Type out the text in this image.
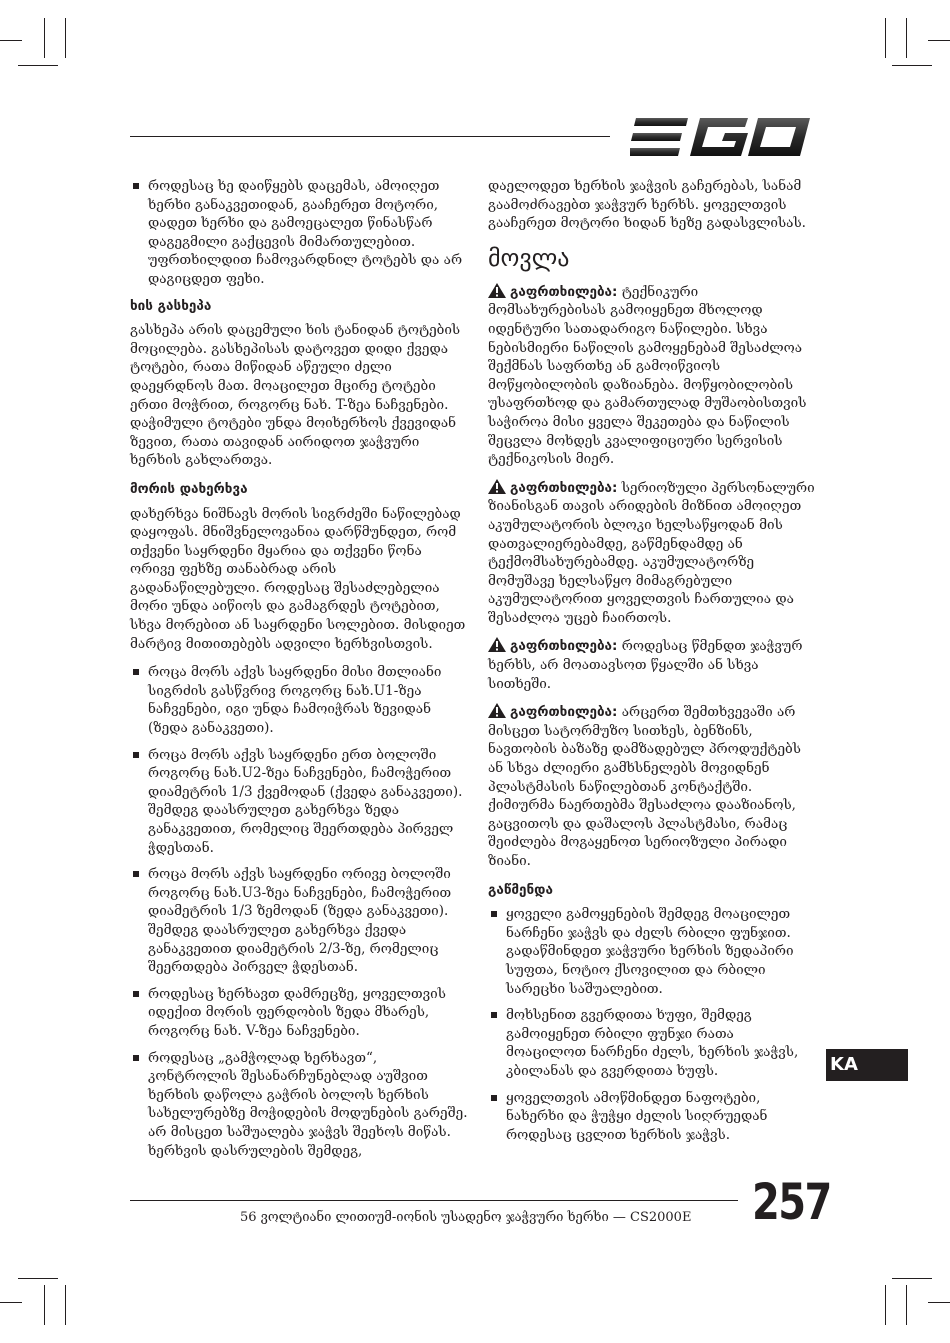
როდესაც ხე დაიწყებს დაცემას, ამოიღეთ ხერხი განაკვეთიდან, გააჩერეთ მოტორი, დადეთ ხერხი და გამოეცალეთ წინასწარ დაგეგმილი გაქცევის მიმართულებით. უფრთხილდით ჩამოვარდნილ ტოტებს და არ დაგიცდეთ ფეხი.
ხის გასხეპა

გასხეპა არის დაცემული ხის ტანიდან ტოტების მოცილება. გასხეპისას დატოვეთ დიდი ქვედა ტოტები, რათა მიწიდან აწეული ძელი დაეყრდნოს მათ. მოაცილეთ მცირე ტოტები ერთი მოჭრით, როგორც ნახ. T-ზეა ნაჩვენები. დაჭიმული ტოტები უნდა მოიხერხოს ქვევიდან ზევით, რათა თავიდან აირიდოთ ჯაჭვური ხერხის გახლართვა.

მორის დახერხვა

დახერხვა ნიშნავს მორის სიგრძეში ნაწილებად დაყოფას. მნიშვნელოვანია დარწმუნდეთ, რომ თქვენი საყრდენი მყარია და თქვენი წონა ორივე ფეხზე თანაბრად არის გადანაწილებული. როდესაც შესაძლებელია მორი უნდა აიწიოს და გამაგრდეს ტოტებით, სხვა მორებით ან საყრდენი სოლებით. მისდიეთ მარტივ მითითებებს ადვილი ხერხვისთვის.

როცა მორს აქვს საყრდენი მისი მთლიანი სიგრძის გასწვრივ როგორც ნახ.U1-ზეა ნაჩვენები, იგი უნდა ჩამოიჭრას ზევიდან (ზედა განაკვეთი).
როცა მორს აქვს საყრდენი ერთ ბოლოში როგორც ნახ.U2-ზეა ნაჩვენები, ჩამოჭერით დიამეტრის 1/3 ქვემოდან (ქვედა განაკვეთი). შემდეგ დაასრულეთ გახერხვა ზედა განაკვეთით, რომელიც შეერთდება პირველ ჭდესთან.
როცა მორს აქვს საყრდენი ორივე ბოლოში როგორც ნახ.U3-ზეა ნაჩვენები, ჩამოჭერით დიამეტრის 1/3 ზემოდან (ზედა განაკვეთი). შემდეგ დაასრულეთ გახერხვა ქვედა განაკვეთით დიამეტრის 2/3-ზე, რომელიც შეერთდება პირველ ჭდესთან.
როდესაც ხერხავთ დამრეცზე, ყოველთვის იდექით მორის ფერდობის ზედა მხარეს, როგორც ნახ. V-ზეა ნაჩვენები.
როდესაც „გამჭოლად ხერხავთ“, კონტროლის შესანარჩუნებლად აუშვით ხერხის დაწოლა გაჭრის ბოლოს ხერხის სახელურებზე მოჭიდების მოდუნების გარეშე. არ მისცეთ საშუალება ჯაჭვს შეეხოს მიწას. ხერხვის დასრულების შემდეგ,

დაელოდეთ ხერხის ჯაჭვის გაჩერებას, სანამ გაამოძრავებთ ჯაჭვურ ხერხს. ყოველთვის გააჩერეთ მოტორი ხიდან ხეზე გადასვლისას.

მოვლა

გაფრთხილება: ტექნიკური მომსახურებისას გამოიყენეთ მხოლოდ იდენტური სათადარიგო ნაწილები. სხვა ნებისმიერი ნაწილის გამოყენებამ შესაძლოა შექმნას საფრთხე ან გამოიწვიოს მოწყობილობის დაზიანება. მოწყობილობის უსაფრთხოდ და გამართულად მუშაობისთვის საჭიროა მისი ყველა შეკეთება და ნაწილის შეცვლა მოხდეს კვალიფიციური სერვისის ტექნიკოსის მიერ.

გაფრთხილება: სერიოზული პერსონალური ზიანისგან თავის არიდების მიზნით ამოიღეთ აკუმულატორის ბლოკი ხელსაწყოდან მის დათვალიერებამდე, გაწმენდამდე ან ტექმომსახურებამდე. აკუმულატორზე მომუშავე ხელსაწყო მიმაგრებული აკუმულატორით ყოველთვის ჩართულია და შესაძლოა უცებ ჩაირთოს.

გაფრთხილება: როდესაც წმენდთ ჯაჭვურ ხერხს, არ მოათავსოთ წყალში ან სხვა სითხეში.

გაფრთხილება: არცერთ შემთხვევაში არ მისცეთ სატორმუზო სითხეს, ბენზინს, ნავთობის ბაზაზე დამზადებულ პროდუქტებს ან სხვა ძლიერი გამხსნელებს მოვიდნენ პლასტმასის ნაწილებთან კონტაქტში. ქიმიურმა ნაერთებმა შესაძლოა დააზიანოს, გაცვითოს და დაშალოს პლასტმასი, რამაც შეიძლება მოგაყენოთ სერიოზული პირადი ზიანი.

გაწმენდა
ყოველი გამოყენების შემდეგ მოაცილეთ ნარჩენი ჯაჭვს და ძელს რბილი ფუნჯით. გადაწმინდეთ ჯაჭვური ხერხის ზედაპირი სუფთა, ნოტიო ქსოვილით და რბილი სარეცხი საშუალებით.
მოხსენით გვერდითა ხუფი, შემდეგ გამოიყენეთ რბილი ფუნჯი რათა მოაცილოთ ნარჩენი ძელს, ხერხის ჯაჭვს, კბილანას და გვერდითა ხუფს.
ყოველთვის ამოწმინდეთ ნაფოტები, ნახერხი და ჭუჭყი ძელის სიღრუედან როდესაც ცვლით ხერხის ჯაჭვს.
KA
56 ვოლტიანი ლითიუმ-იონის უსადენო ჯაჭვური ხერხი — CS2000E	257
